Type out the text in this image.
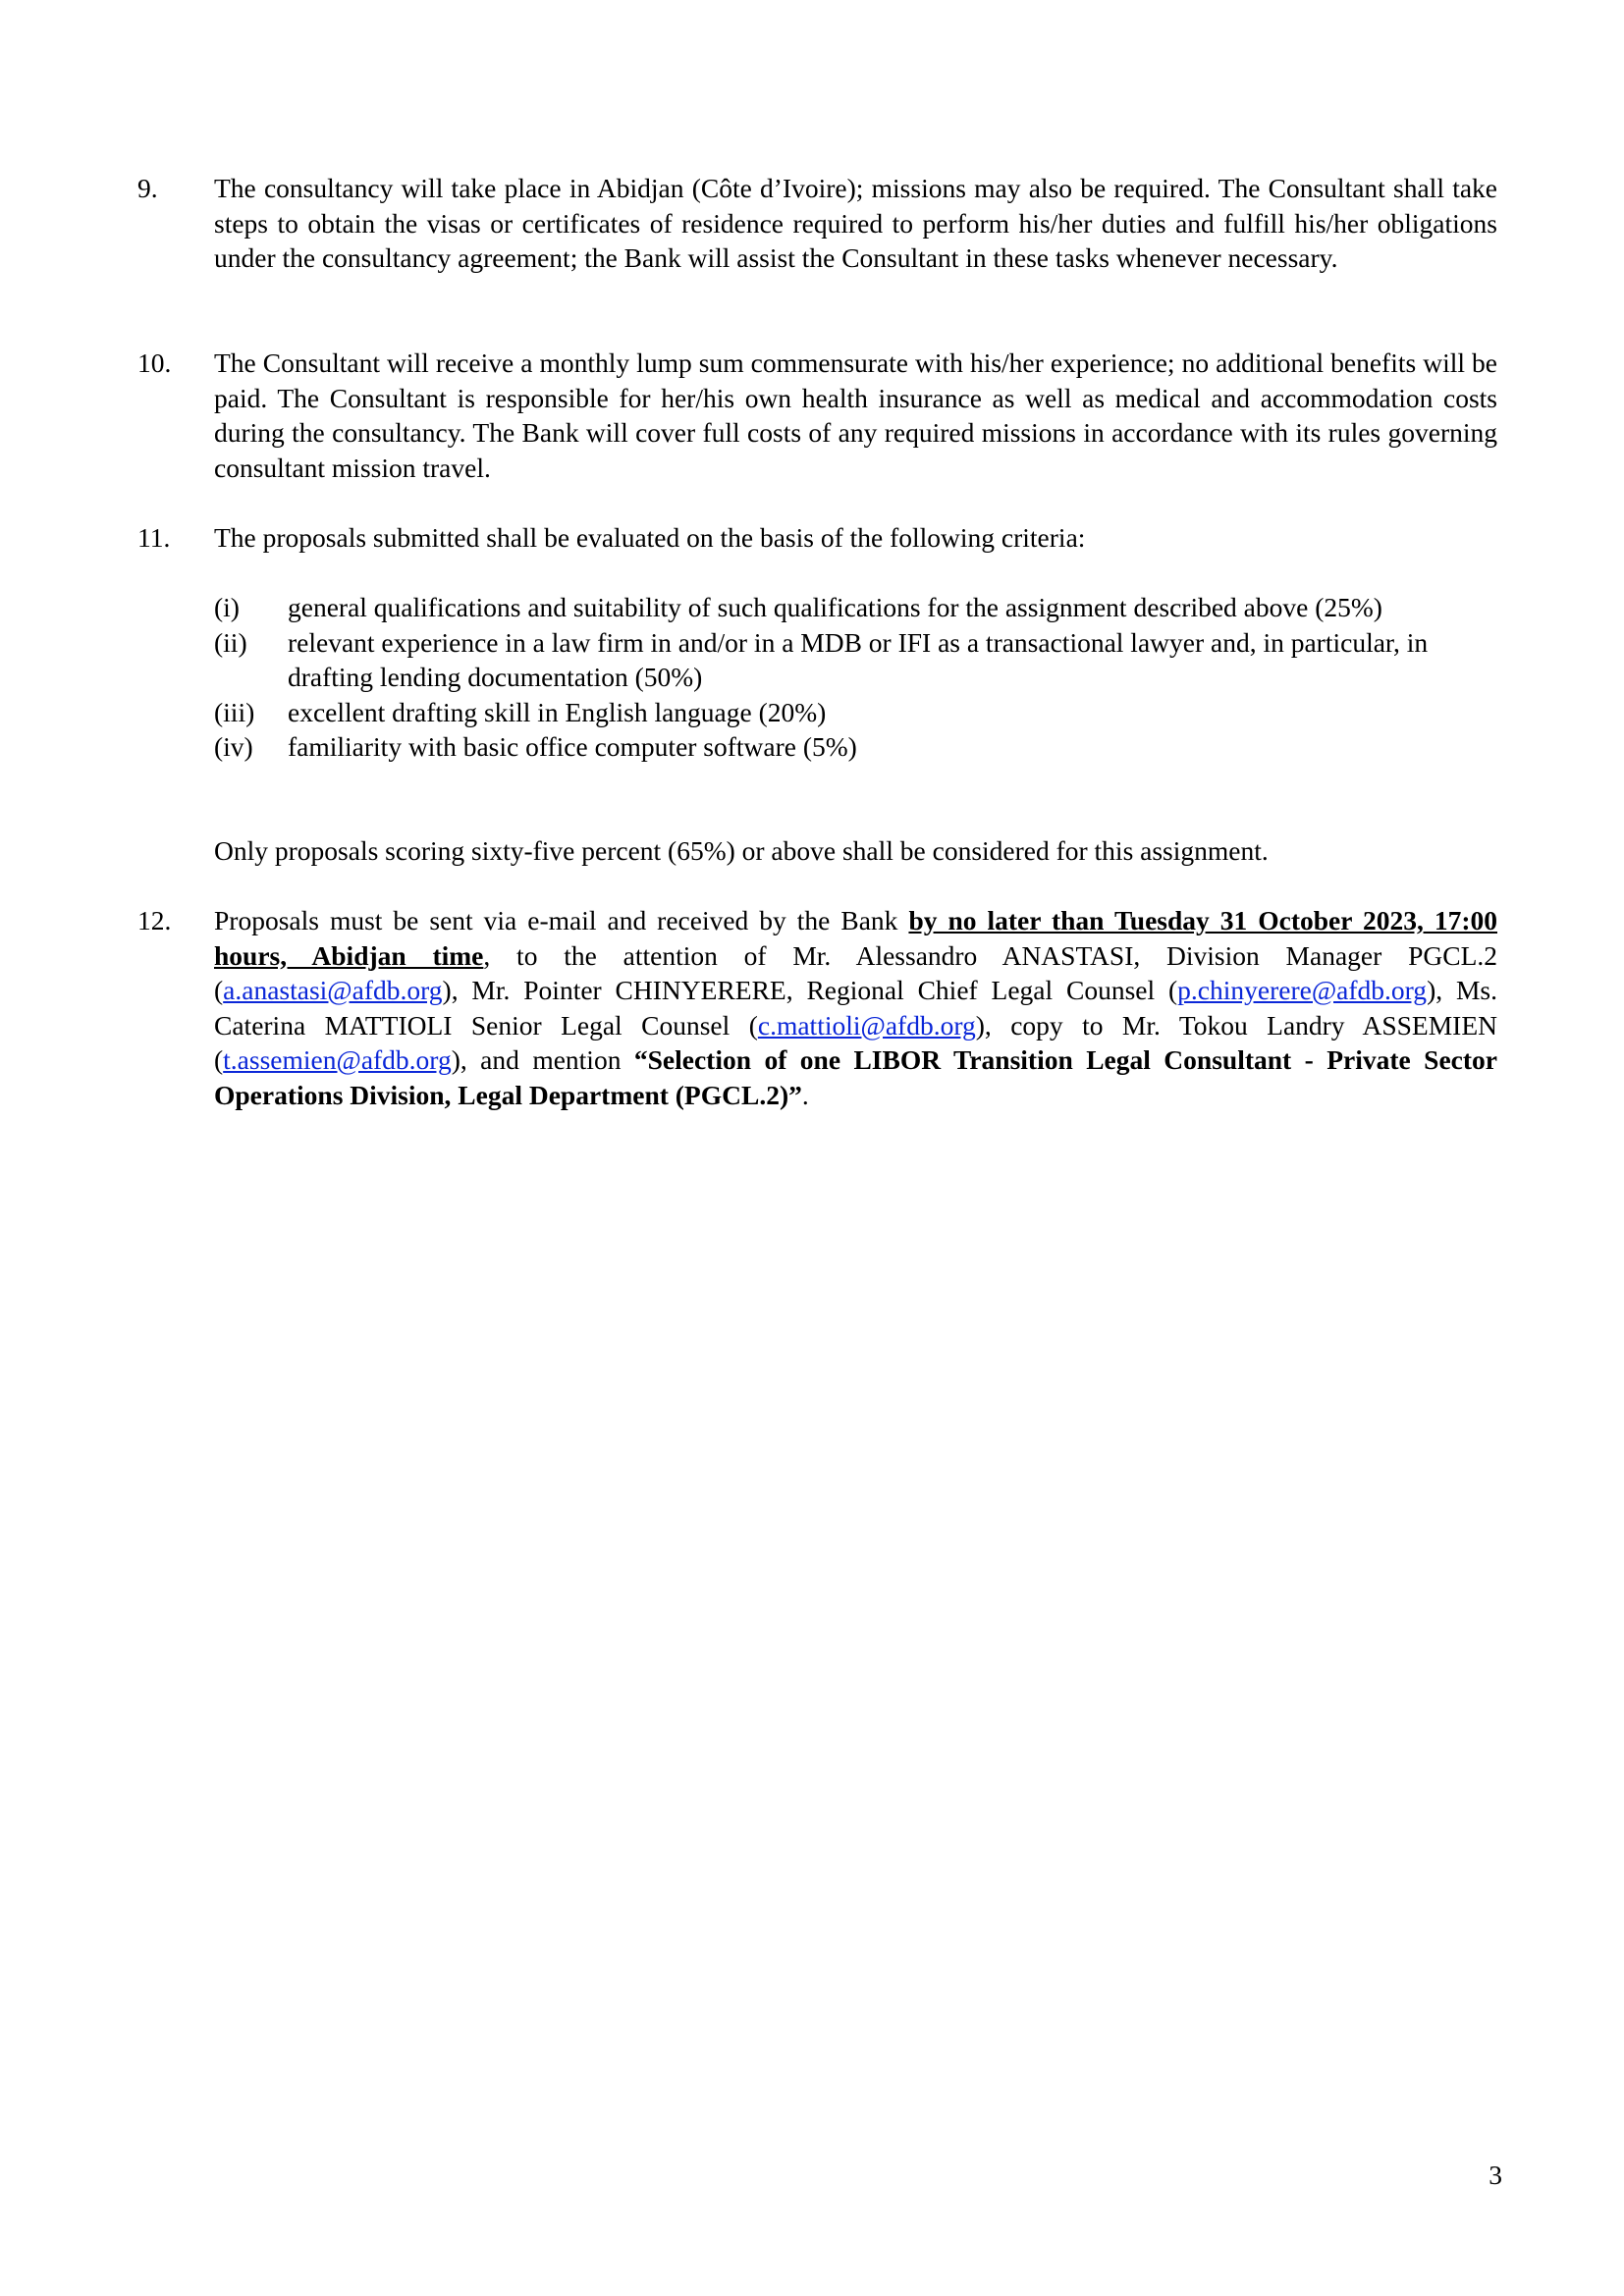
9. The consultancy will take place in Abidjan (Côte d’Ivoire); missions may also be required. The Consultant shall take steps to obtain the visas or certificates of residence required to perform his/her duties and fulfill his/her obligations under the consultancy agreement; the Bank will assist the Consultant in these tasks whenever necessary.
10. The Consultant will receive a monthly lump sum commensurate with his/her experience; no additional benefits will be paid. The Consultant is responsible for her/his own health insurance as well as medical and accommodation costs during the consultancy. The Bank will cover full costs of any required missions in accordance with its rules governing consultant mission travel.
11. The proposals submitted shall be evaluated on the basis of the following criteria:
(i) general qualifications and suitability of such qualifications for the assignment described above (25%)
(ii) relevant experience in a law firm in and/or in a MDB or IFI as a transactional lawyer and, in particular, in drafting lending documentation (50%)
(iii) excellent drafting skill in English language (20%)
(iv) familiarity with basic office computer software (5%)
Only proposals scoring sixty-five percent (65%) or above shall be considered for this assignment.
12. Proposals must be sent via e-mail and received by the Bank by no later than Tuesday 31 October 2023, 17:00 hours, Abidjan time, to the attention of Mr. Alessandro ANASTASI, Division Manager PGCL.2 (a.anastasi@afdb.org), Mr. Pointer CHINYERERE, Regional Chief Legal Counsel (p.chinyerere@afdb.org), Ms. Caterina MATTIOLI Senior Legal Counsel (c.mattioli@afdb.org), copy to Mr. Tokou Landry ASSEMIEN (t.assemien@afdb.org), and mention “Selection of one LIBOR Transition Legal Consultant - Private Sector Operations Division, Legal Department (PGCL.2)”.
3
